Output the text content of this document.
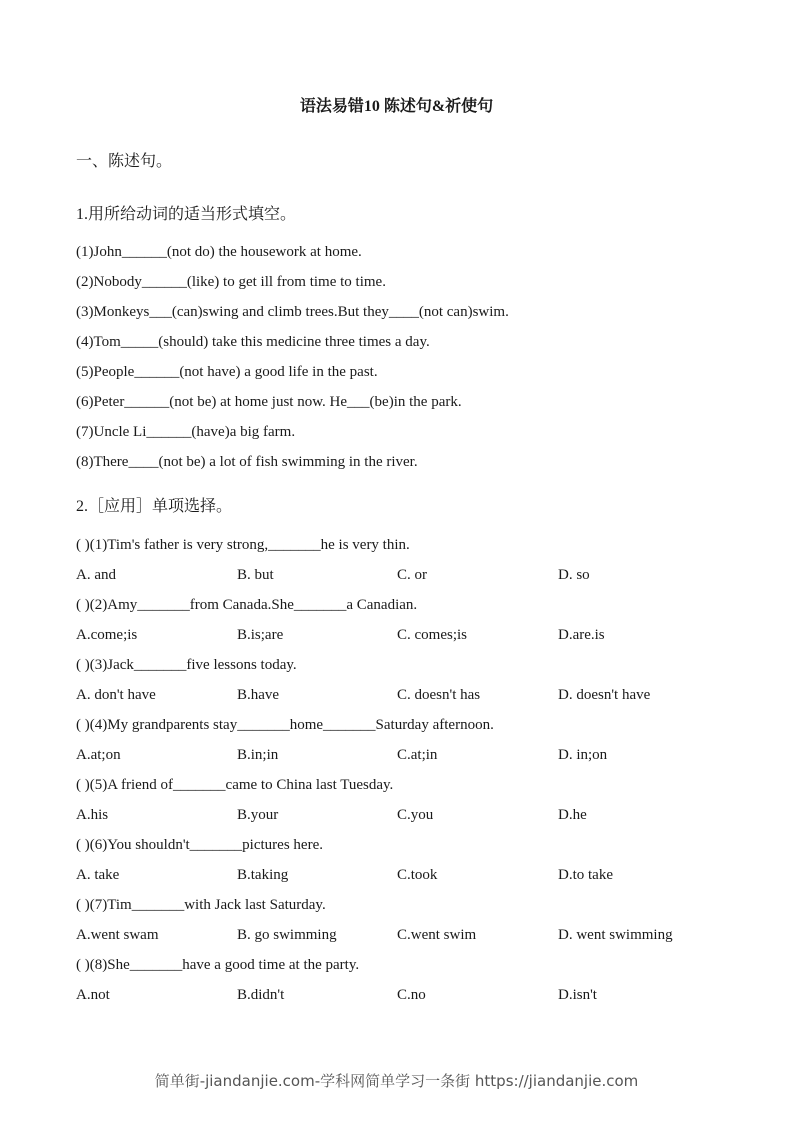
语法易错10 陈述句&祈使句
一、陈述句。
1.用所给动词的适当形式填空。
(1)John______(not do) the housework at home.
(2)Nobody______(like) to get ill from time to time.
(3)Monkeys___(can)swing and climb trees.But they____(not can)swim.
(4)Tom_____(should) take this medicine three times a day.
(5)People______(not have) a good life in the past.
(6)Peter______(not be) at home just now. He___(be)in the park.
(7)Uncle Li______(have)a big farm.
(8)There____(not be) a lot of fish swimming in the river.
2.［应用］单项选择。
( )(1)Tim's father is very strong,_______he is very thin.
A. and	B. but	C. or	D. so
( )(2)Amy_______from Canada.She_______a Canadian.
A.come;is	B.is;are	C. comes;is	D.are.is
( )(3)Jack_______five lessons today.
A. don't have	B.have	C. doesn't has	D. doesn't have
( )(4)My grandparents stay_______home_______Saturday afternoon.
A.at;on	B.in;in	C.at;in	D. in;on
( )(5)A friend of_______came to China last Tuesday.
A.his	B.your	C.you	D.he
( )(6)You shouldn't_______pictures here.
A. take	B.taking	C.took	D.to take
( )(7)Tim_______with Jack last Saturday.
A.went swam	B. go swimming	C.went swim	D. went swimming
( )(8)She_______have a good time at the party.
A.not	B.didn't	C.no	D.isn't
简单街-jiandanjie.com-学科网简单学习一条街 https://jiandanjie.com
